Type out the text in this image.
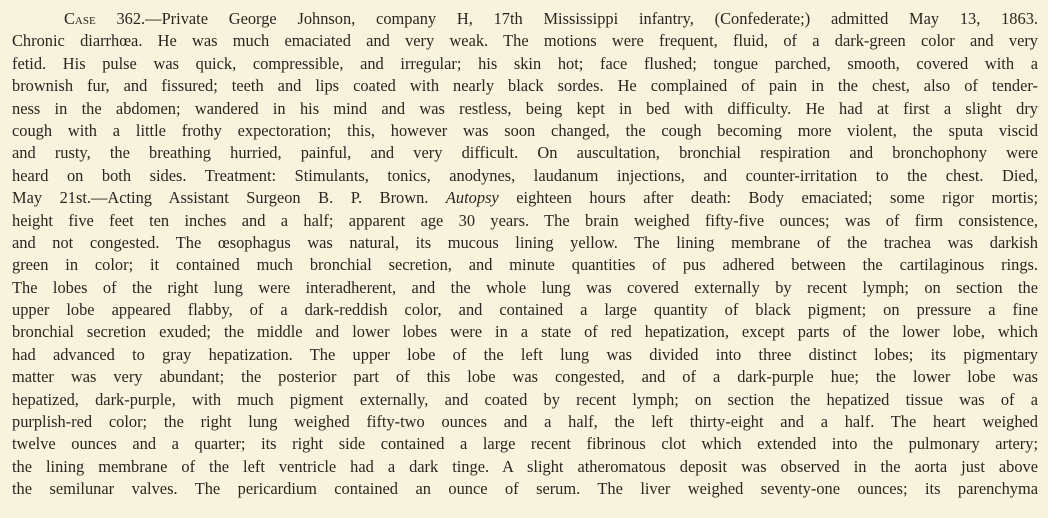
Case 362.—Private George Johnson, company H, 17th Mississippi infantry, (Confederate;) admitted May 13, 1863.
Chronic diarrhœa. He was much emaciated and very weak. The motions were frequent, fluid, of a dark-green color and very
fetid. His pulse was quick, compressible, and irregular; his skin hot; face flushed; tongue parched, smooth, covered with a
brownish fur, and fissured; teeth and lips coated with nearly black sordes. He complained of pain in the chest, also of tender-
ness in the abdomen; wandered in his mind and was restless, being kept in bed with difficulty. He had at first a slight dry
cough with a little frothy expectoration; this, however was soon changed, the cough becoming more violent, the sputa viscid
and rusty, the breathing hurried, painful, and very difficult. On auscultation, bronchial respiration and bronchophony were
heard on both sides. Treatment: Stimulants, tonics, anodynes, laudanum injections, and counter-irritation to the chest. Died,
May 21st.—Acting Assistant Surgeon B. P. Brown. Autopsy eighteen hours after death: Body emaciated; some rigor mortis;
height five feet ten inches and a half; apparent age 30 years. The brain weighed fifty-five ounces; was of firm consistence,
and not congested. The œsophagus was natural, its mucous lining yellow. The lining membrane of the trachea was darkish
green in color; it contained much bronchial secretion, and minute quantities of pus adhered between the cartilaginous rings.
The lobes of the right lung were interadherent, and the whole lung was covered externally by recent lymph; on section the
upper lobe appeared flabby, of a dark-reddish color, and contained a large quantity of black pigment; on pressure a fine
bronchial secretion exuded; the middle and lower lobes were in a state of red hepatization, except parts of the lower lobe, which
had advanced to gray hepatization. The upper lobe of the left lung was divided into three distinct lobes; its pigmentary
matter was very abundant; the posterior part of this lobe was congested, and of a dark-purple hue; the lower lobe was
hepatized, dark-purple, with much pigment externally, and coated by recent lymph; on section the hepatized tissue was of a
purplish-red color; the right lung weighed fifty-two ounces and a half, the left thirty-eight and a half. The heart weighed
twelve ounces and a quarter; its right side contained a large recent fibrinous clot which extended into the pulmonary artery;
the lining membrane of the left ventricle had a dark tinge. A slight atheromatous deposit was observed in the aorta just above
the semilunar valves. The pericardium contained an ounce of serum. The liver weighed seventy-one ounces; its parenchyma
